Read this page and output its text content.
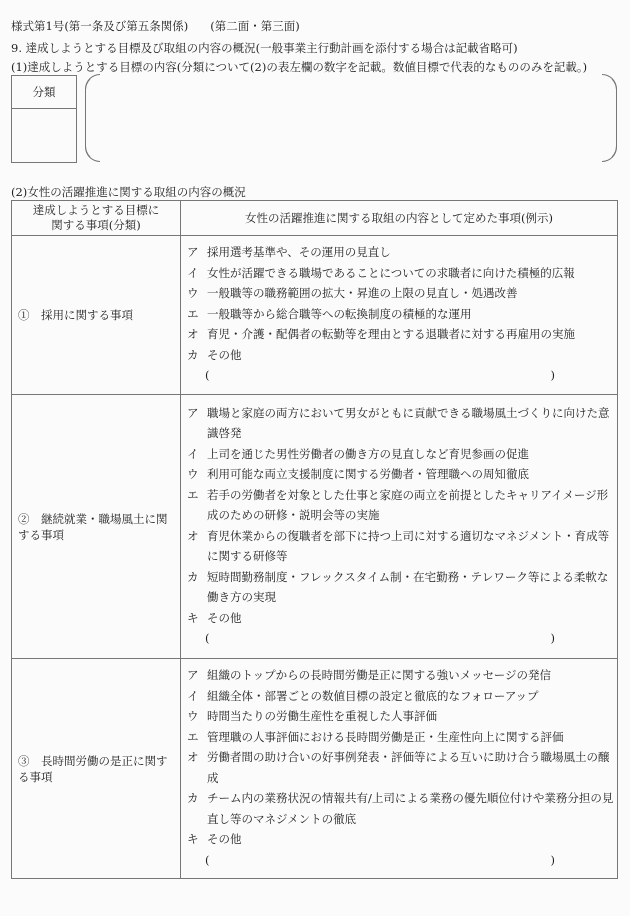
様式第1号(第一条及び第五条関係) (第二面・第三面)
9. 達成しようとする目標及び取組の内容の概況(一般事業主行動計画を添付する場合は記載省略可)
(1)達成しようとする目標の内容(分類について(2)の表左欄の数字を記載。数値目標で代表的なもののみを記載。)
分類
(2)女性の活躍推進に関する取組の内容の概況
達成しようとする目標に
関する事項(分類)	女性の活躍推進に関する取組の内容として定めた事項(例示)
①　採用に関する事項	
ア 採用選考基準や、その運用の見直し
イ 女性が活躍できる職場であることについての求職者に向けた積極的広報
ウ 一般職等の職務範囲の拡大・昇進の上限の見直し・処遇改善
エ 一般職等から総合職等への転換制度の積極的な運用
オ 育児・介護・配偶者の転勤等を理由とする退職者に対する再雇用の実施
カ その他
(	)

②　継続就業・職場風土に関する事項	
ア 職場と家庭の両方において男女がともに貢献できる職場風土づくりに向けた意識啓発
イ 上司を通じた男性労働者の働き方の見直しなど育児参画の促進
ウ 利用可能な両立支援制度に関する労働者・管理職への周知徹底
エ 若手の労働者を対象とした仕事と家庭の両立を前提としたキャリアイメージ形成のための研修・説明会等の実施
オ 育児休業からの復職者を部下に持つ上司に対する適切なマネジメント・育成等に関する研修等
カ 短時間勤務制度・フレックスタイム制・在宅勤務・テレワーク等による柔軟な働き方の実現
キ その他
(	)

③　長時間労働の是正に関する事項	
ア 組織のトップからの長時間労働是正に関する強いメッセージの発信
イ 組織全体・部署ごとの数値目標の設定と徹底的なフォローアップ
ウ 時間当たりの労働生産性を重視した人事評価
エ 管理職の人事評価における長時間労働是正・生産性向上に関する評価
オ 労働者間の助け合いの好事例発表・評価等による互いに助け合う職場風土の醸成
カ チーム内の業務状況の情報共有/上司による業務の優先順位付けや業務分担の見直し等のマネジメントの徹底
キ その他
(	)
